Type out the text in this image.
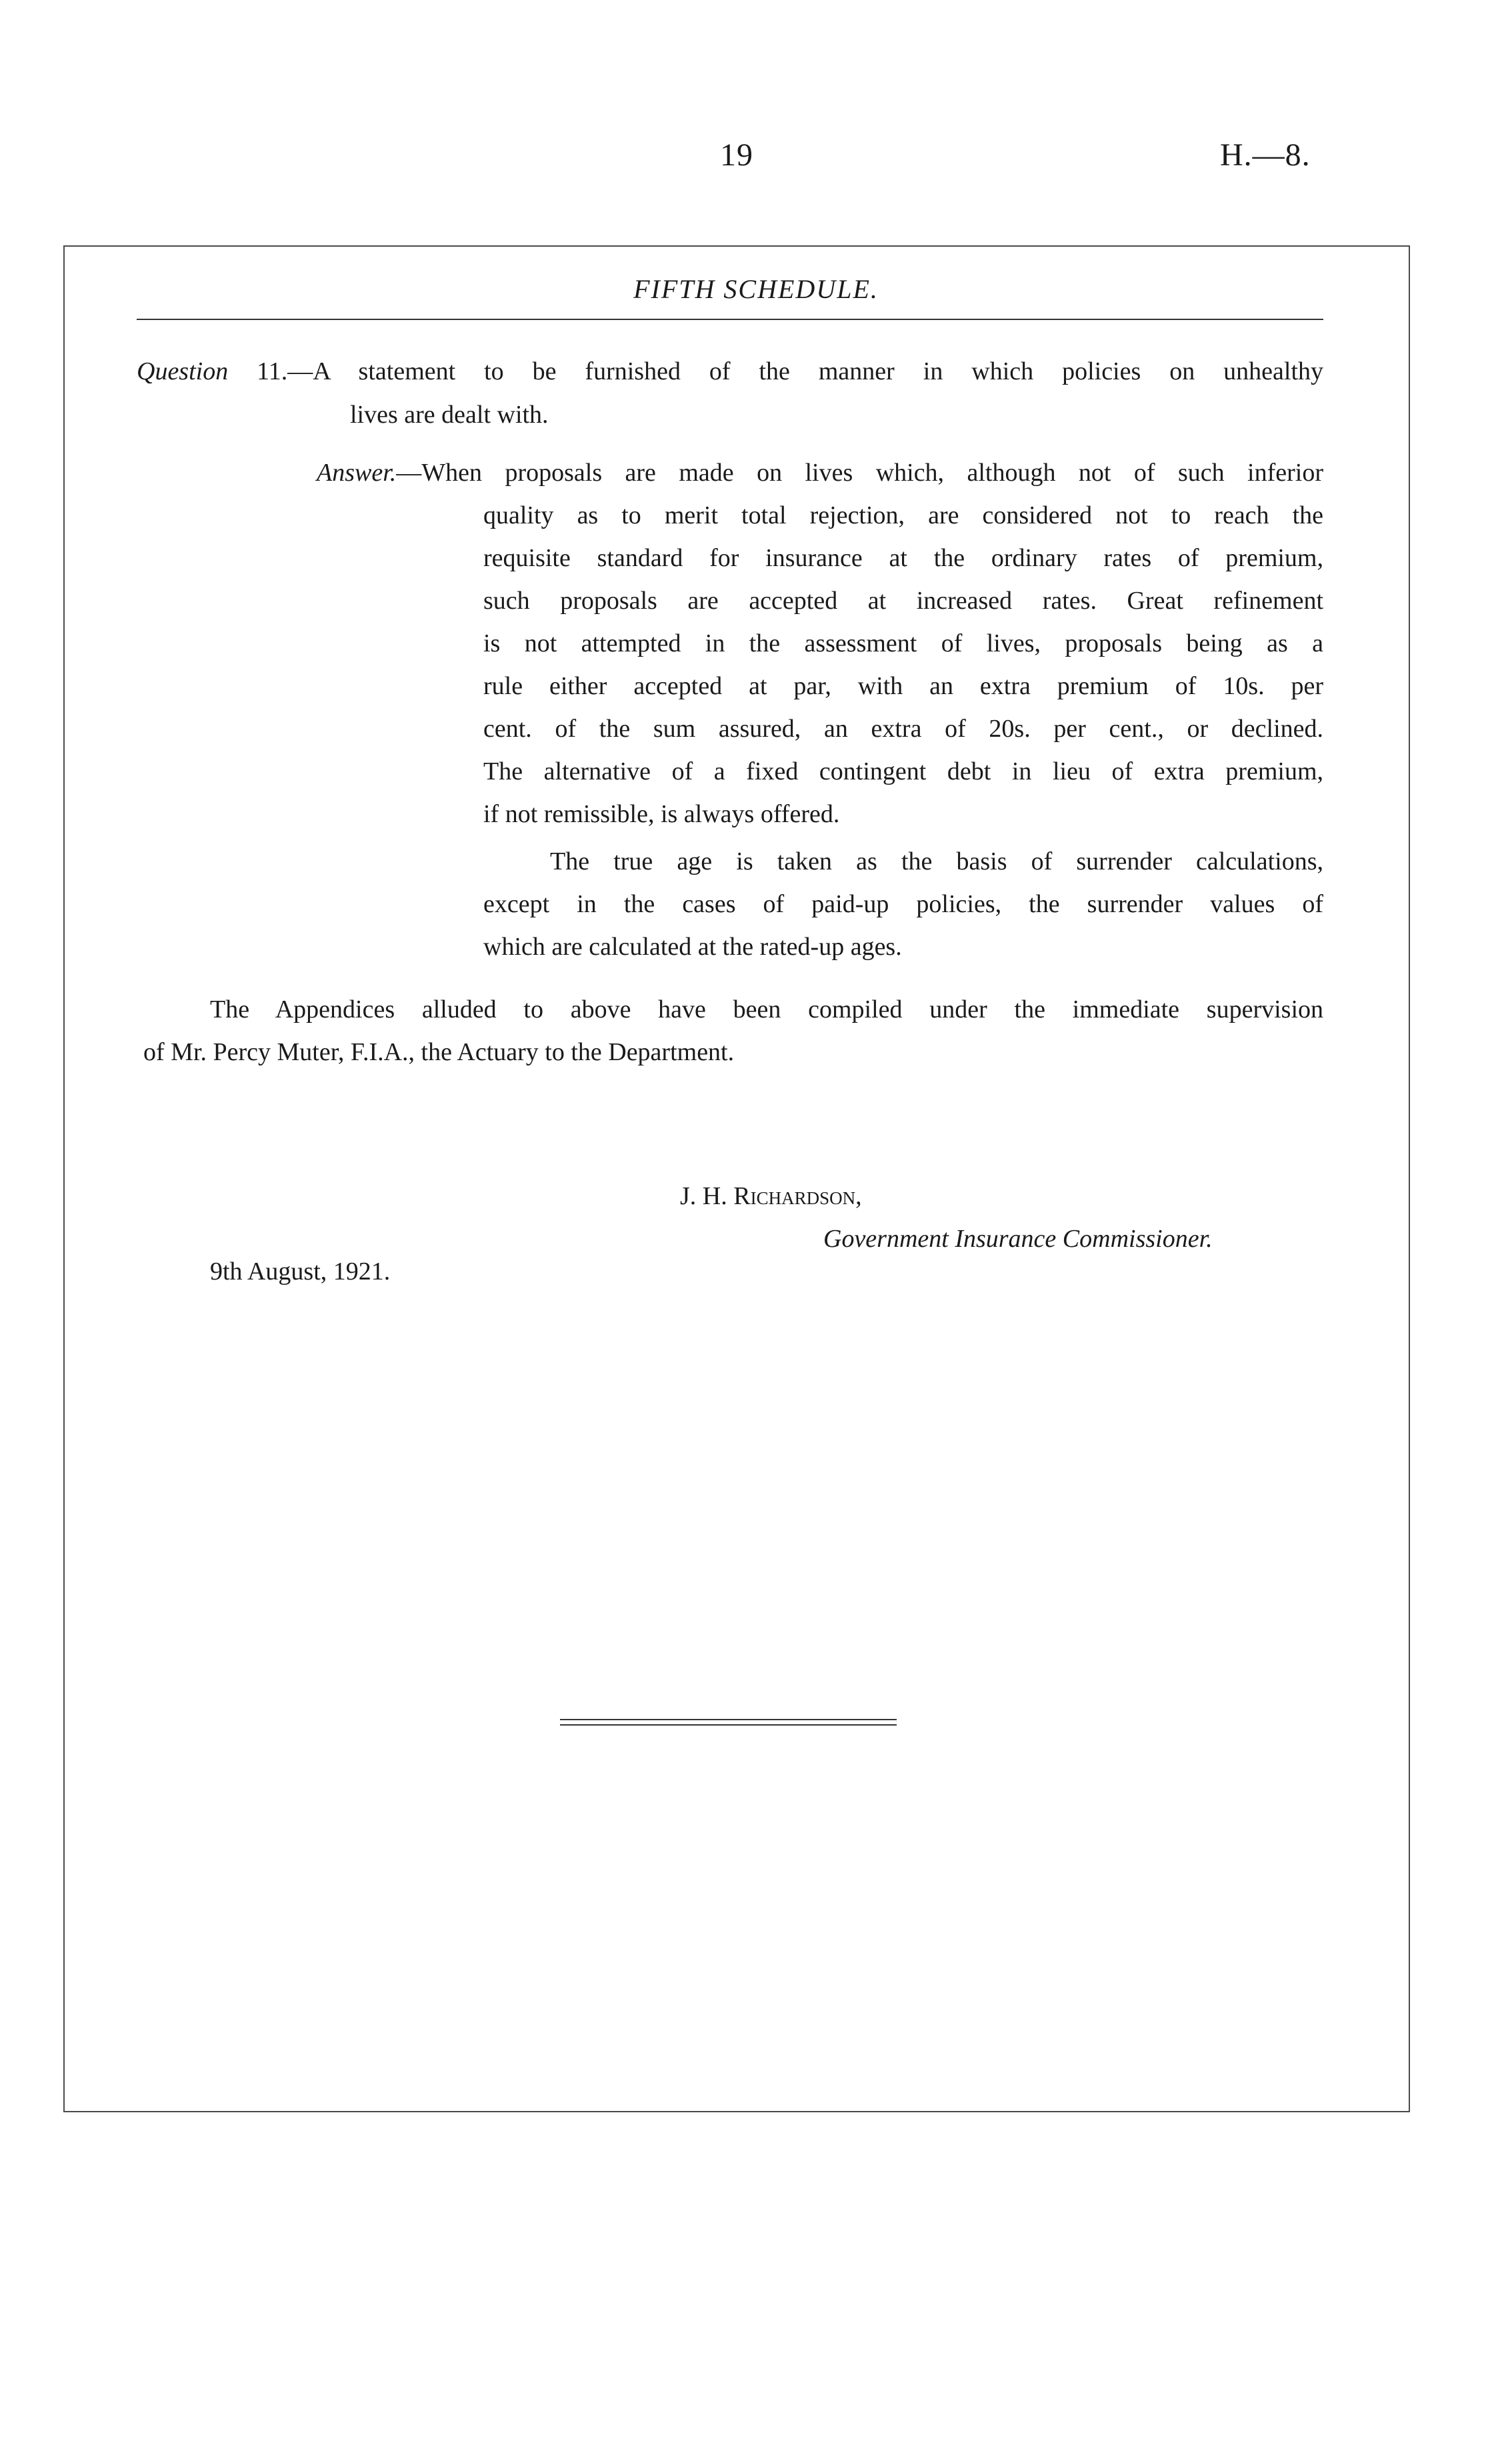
19	H.—8.
FIFTH SCHEDULE.
Question 11.—A statement to be furnished of the manner in which policies on unhealthy
lives are dealt with.
Answer.—When proposals are made on lives which, although not of such inferior
quality as to merit total rejection, are considered not to reach the
requisite standard for insurance at the ordinary rates of premium,
such proposals are accepted at increased rates. Great refinement
is not attempted in the assessment of lives, proposals being as a
rule either accepted at par, with an extra premium of 10s. per
cent. of the sum assured, an extra of 20s. per cent., or declined.
The alternative of a fixed contingent debt in lieu of extra premium,
if not remissible, is always offered.
The true age is taken as the basis of surrender calculations,
except in the cases of paid-up policies, the surrender values of
which are calculated at the rated-up ages.
The Appendices alluded to above have been compiled under the immediate supervision
of Mr. Percy Muter, F.I.A., the Actuary to the Department.
J. H. Richardson,
Government Insurance Commissioner.
9th August, 1921.
